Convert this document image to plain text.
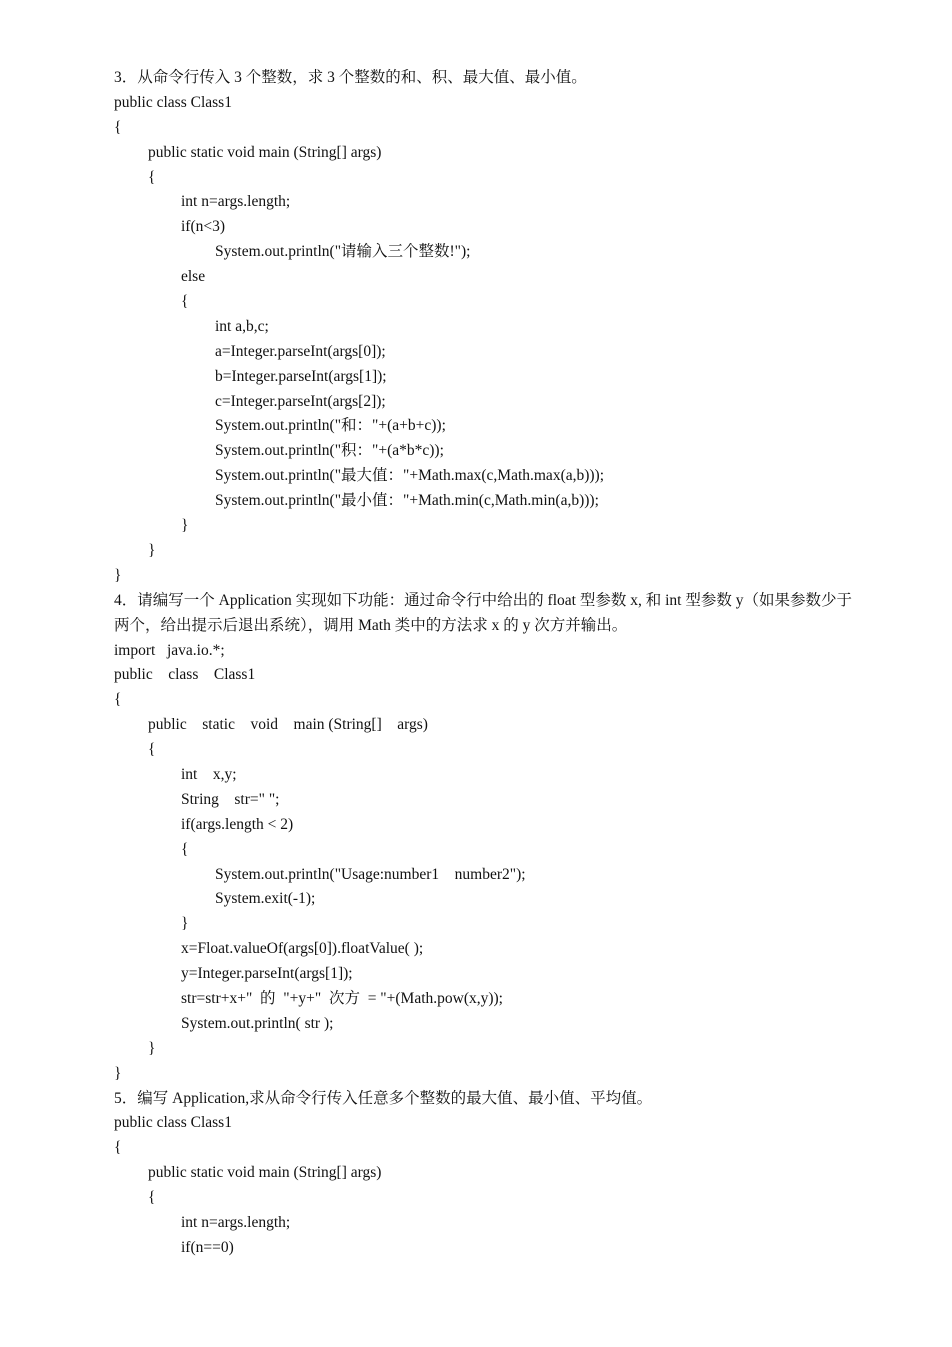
3．从命令行传入 3 个整数，求 3 个整数的和、积、最大值、最小值。
public class Class1
{
public static void main (String[] args)
{
int n=args.length;
if(n<3)
System.out.println("请输入三个整数!");
else
{
int a,b,c;
a=Integer.parseInt(args[0]);
b=Integer.parseInt(args[1]);
c=Integer.parseInt(args[2]);
System.out.println("和："+(a+b+c));
System.out.println("积："+(a*b*c));
System.out.println("最大值："+Math.max(c,Math.max(a,b)));
System.out.println("最小值："+Math.min(c,Math.min(a,b)));
}
}
}
4．请编写一个 Application 实现如下功能：通过命令行中给出的 float 型参数 x, 和 int 型参数 y（如果参数少于两个，给出提示后退出系统），调用 Math 类中的方法求 x 的 y 次方并输出。
import   java.io.*;
public    class    Class1
{
public    static    void    main (String[]    args)
{
int    x,y;
String    str=" ";
if(args.length < 2)
{
System.out.println("Usage:number1    number2");
System.exit(-1);
}
x=Float.valueOf(args[0]).floatValue( );
y=Integer.parseInt(args[1]);
str=str+x+"  的  "+y+"  次方  = "+(Math.pow(x,y));
System.out.println( str );
}
}
5．编写 Application,求从命令行传入任意多个整数的最大值、最小值、平均值。
public class Class1
{
public static void main (String[] args)
{
int n=args.length;
if(n==0)
